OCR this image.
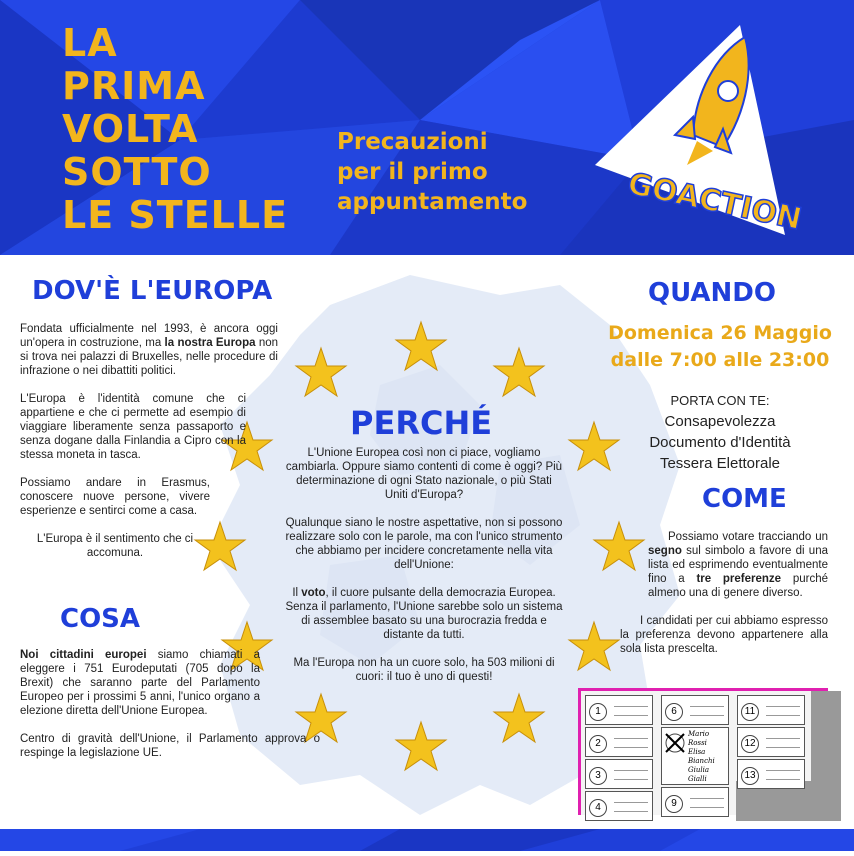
LA
PRIMA
VOLTA
SOTTO
LE STELLE
Precauzioni
per il primo
appuntamento	GOACTION
DOV'È L'EUROPA

Fondata ufficialmente nel 1993, è ancora oggi un'opera in costruzione, ma la nostra Europa non si trova nei palazzi di Bruxelles, nelle procedure di infrazione o nei dibattiti politici.

L'Europa è l'identità comune che ci appartiene e che ci permette ad esempio di viaggiare liberamente senza passaporto e senza dogane dalla Finlandia a Cipro con la stessa moneta in tasca.

Possiamo andare in Erasmus, conoscere nuove persone, vivere esperienze e sentirci come a casa.

L'Europa è il sentimento che ci accomuna.

COSA

Noi cittadini europei siamo chiamati a eleggere i 751 Eurodeputati (705 dopo la Brexit) che saranno parte del Parlamento Europeo per i prossimi 5 anni, l'unico organo a elezione diretta dell'Unione Europea.

Centro di gravità dell'Unione, il Parlamento approva o respinge la legislazione UE.

PERCHÉ

L'Unione Europea così non ci piace, vogliamo cambiarla. Oppure siamo contenti di come è oggi? Più determinazione di ogni Stato nazionale, o più Stati Uniti d'Europa?

Qualunque siano le nostre aspettative, non si possono realizzare solo con le parole, ma con l'unico strumento che abbiamo per incidere concretamente nella vita dell'Unione:

Il voto, il cuore pulsante della democrazia Europea. Senza il parlamento, l'Unione sarebbe solo un sistema di assemblee basato su una burocrazia fredda e distante da tutti.

Ma l'Europa non ha un cuore solo, ha 503 milioni di cuori: il tuo è uno di questi!

QUANDO
Domenica 26 Maggio
dalle 7:00 alle 23:00
PORTA CON TE:
Consapevolezza
Documento d'Identità
Tessera Elettorale
COME

Possiamo votare tracciando un segno sul simbolo a favore di una lista ed esprimendo eventualmente fino a tre preferenze purché almeno una di genere diverso.

I candidati per cui abbiamo espresso la preferenza devono appartenere alla sola lista prescelta.

1
2
3
4
6
Mario Rossi
Elisa Bianchi
Giulia Gialli
9
11
12
13
